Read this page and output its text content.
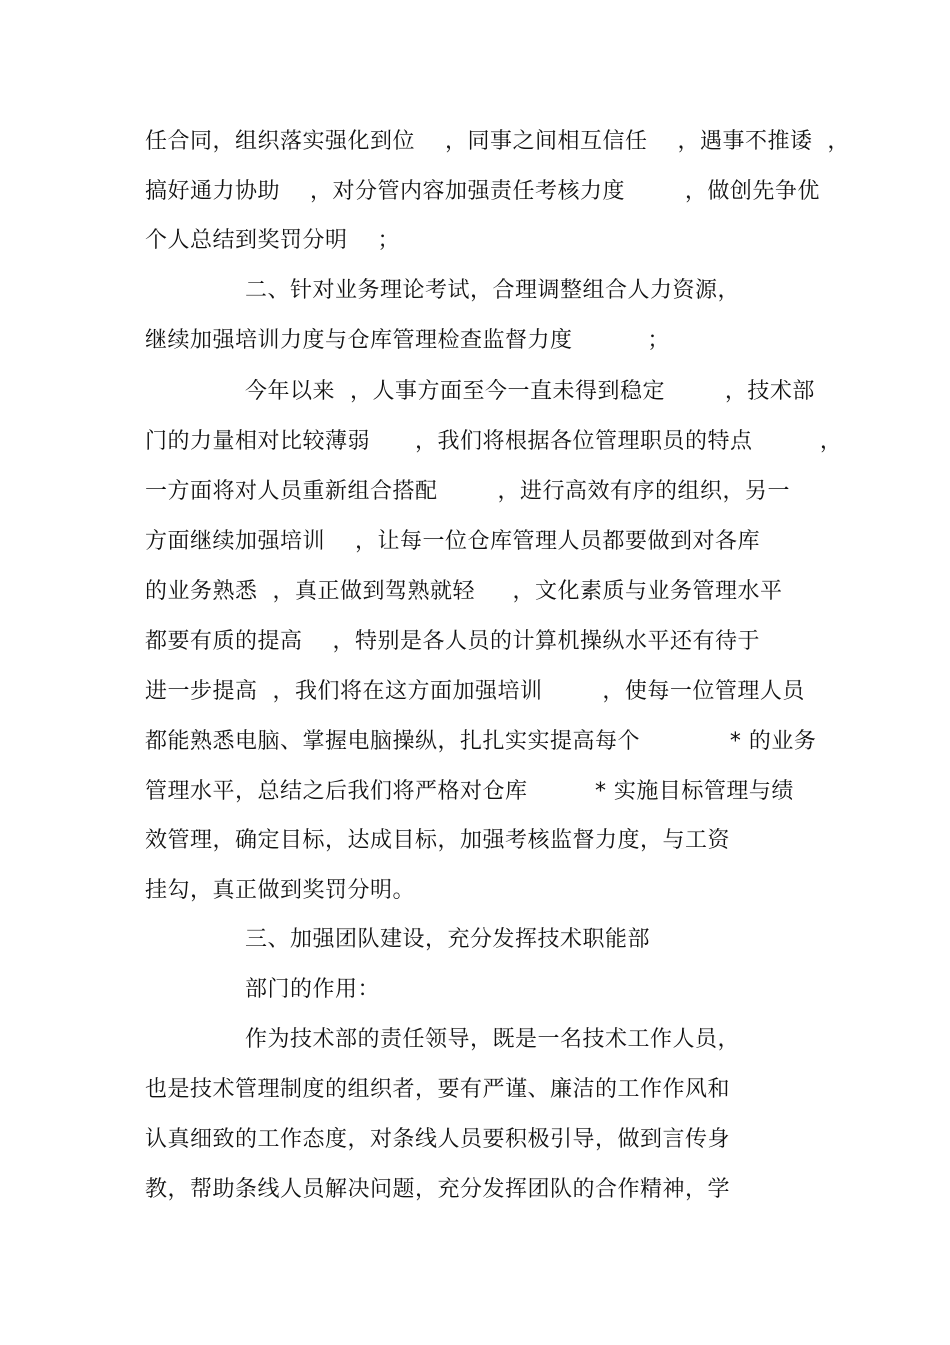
任合同，组织落实强化到位    ，同事之间相互信任    ，遇事不推诿  ，
搞好通力协助    ，对分管内容加强责任考核力度        ，做创先争优
个人总结到奖罚分明    ；
二、针对业务理论考试，合理调整组合人力资源，
继续加强培训力度与仓库管理检查监督力度          ；
今年以来  ，人事方面至今一直未得到稳定        ，技术部
门的力量相对比较薄弱      ，我们将根据各位管理职员的特点         ，
一方面将对人员重新组合搭配        ，进行高效有序的组织，另一
方面继续加强培训    ，让每一位仓库管理人员都要做到对各库
的业务熟悉  ，真正做到驾熟就轻     ，文化素质与业务管理水平
都要有质的提高    ，特别是各人员的计算机操纵水平还有待于
进一步提高  ，我们将在这方面加强培训        ，使每一位管理人员
都能熟悉电脑、掌握电脑操纵，扎扎实实提高每个            * 的业务
管理水平，总结之后我们将严格对仓库         * 实施目标管理与绩
效管理，确定目标，达成目标，加强考核监督力度，与工资
挂勾，真正做到奖罚分明。
三、加强团队建设，充分发挥技术职能部
部门的作用：
作为技术部的责任领导，既是一名技术工作人员，
也是技术管理制度的组织者，要有严谨、廉洁的工作作风和
认真细致的工作态度，对条线人员要积极引导，做到言传身
教，帮助条线人员解决问题，充分发挥团队的合作精神，学
